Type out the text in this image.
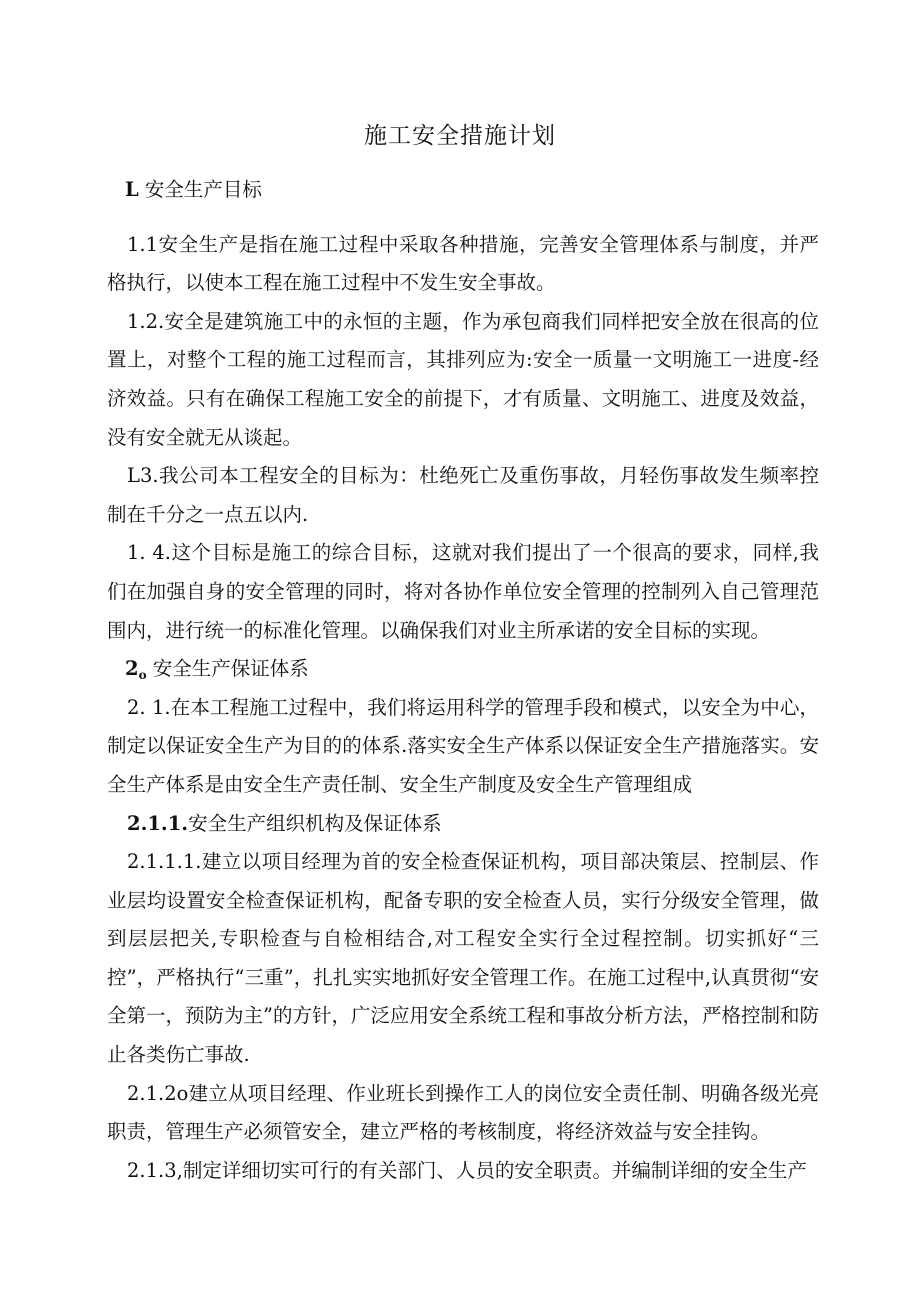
施工安全措施计划

L 安全生产目标

1.1安全生产是指在施工过程中采取各种措施，完善安全管理体系与制度，并严格执行，以使本工程在施工过程中不发生安全事故。

1.2.安全是建筑施工中的永恒的主题，作为承包商我们同样把安全放在很高的位置上，对整个工程的施工过程而言，其排列应为:安全一质量一文明施工一进度-经济效益。只有在确保工程施工安全的前提下，才有质量、文明施工、进度及效益，没有安全就无从谈起。

L3.我公司本工程安全的目标为：杜绝死亡及重伤事故，月轻伤事故发生频率控制在千分之一点五以内.

1. 4.这个目标是施工的综合目标，这就对我们提出了一个很高的要求，同样,我们在加强自身的安全管理的同时，将对各协作单位安全管理的控制列入自己管理范围内，进行统一的标准化管理。以确保我们对业主所承诺的安全目标的实现。

$2_o$ 安全生产保证体系

2. 1.在本工程施工过程中，我们将运用科学的管理手段和模式，以安全为中心，制定以保证安全生产为目的的体系.落实安全生产体系以保证安全生产措施落实。安全生产体系是由安全生产责任制、安全生产制度及安全生产管理组成

2.1.1.安全生产组织机构及保证体系

2.1.1.1.建立以项目经理为首的安全检查保证机构，项目部决策层、控制层、作业层均设置安全检查保证机构，配备专职的安全检查人员，实行分级安全管理，做到层层把关,专职检查与自检相结合,对工程安全实行全过程控制。切实抓好“三控”，严格执行“三重”，扎扎实实地抓好安全管理工作。在施工过程中,认真贯彻“安全第一，预防为主”的方针，广泛应用安全系统工程和事故分析方法，严格控制和防止各类伤亡事故.

2.1.2o建立从项目经理、作业班长到操作工人的岗位安全责任制、明确各级光亮职责，管理生产必须管安全，建立严格的考核制度，将经济效益与安全挂钩。

2.1.3,制定详细切实可行的有关部门、人员的安全职责。并编制详细的安全生产
